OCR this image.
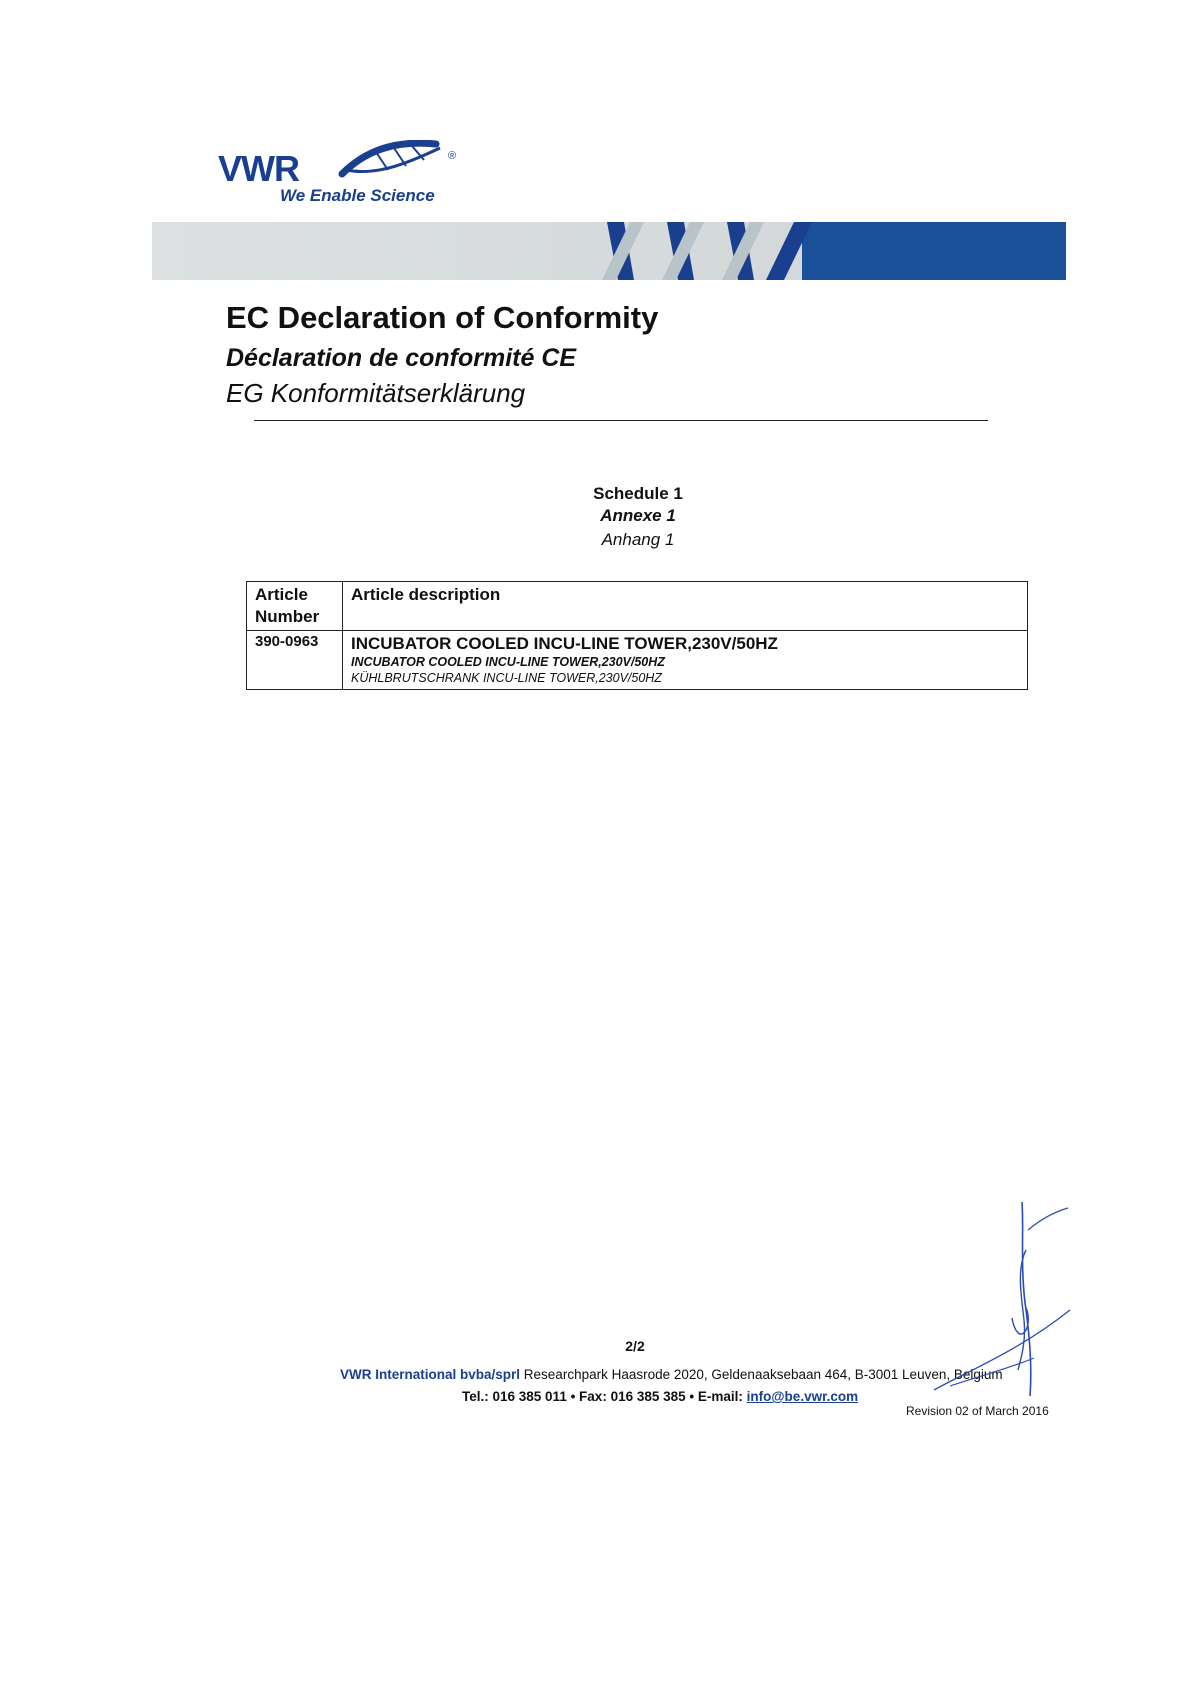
VWR	®
We Enable Science
EC Declaration of Conformity
Déclaration de conformité CE
EG Konformitätserklärung
Schedule 1
Annexe 1
Anhang 1
Article Number	Article description
390-0963	INCUBATOR COOLED INCU-LINE TOWER,230V/50HZ
INCUBATOR COOLED INCU-LINE TOWER,230V/50HZ
KÜHLBRUTSCHRANK INCU-LINE TOWER,230V/50HZ
2/2
VWR International bvba/sprl Researchpark Haasrode 2020, Geldenaaksebaan 464, B-3001 Leuven, Belgium
Tel.: 016 385 011 • Fax: 016 385 385 • E-mail: info@be.vwr.com
Revision 02 of March 2016
